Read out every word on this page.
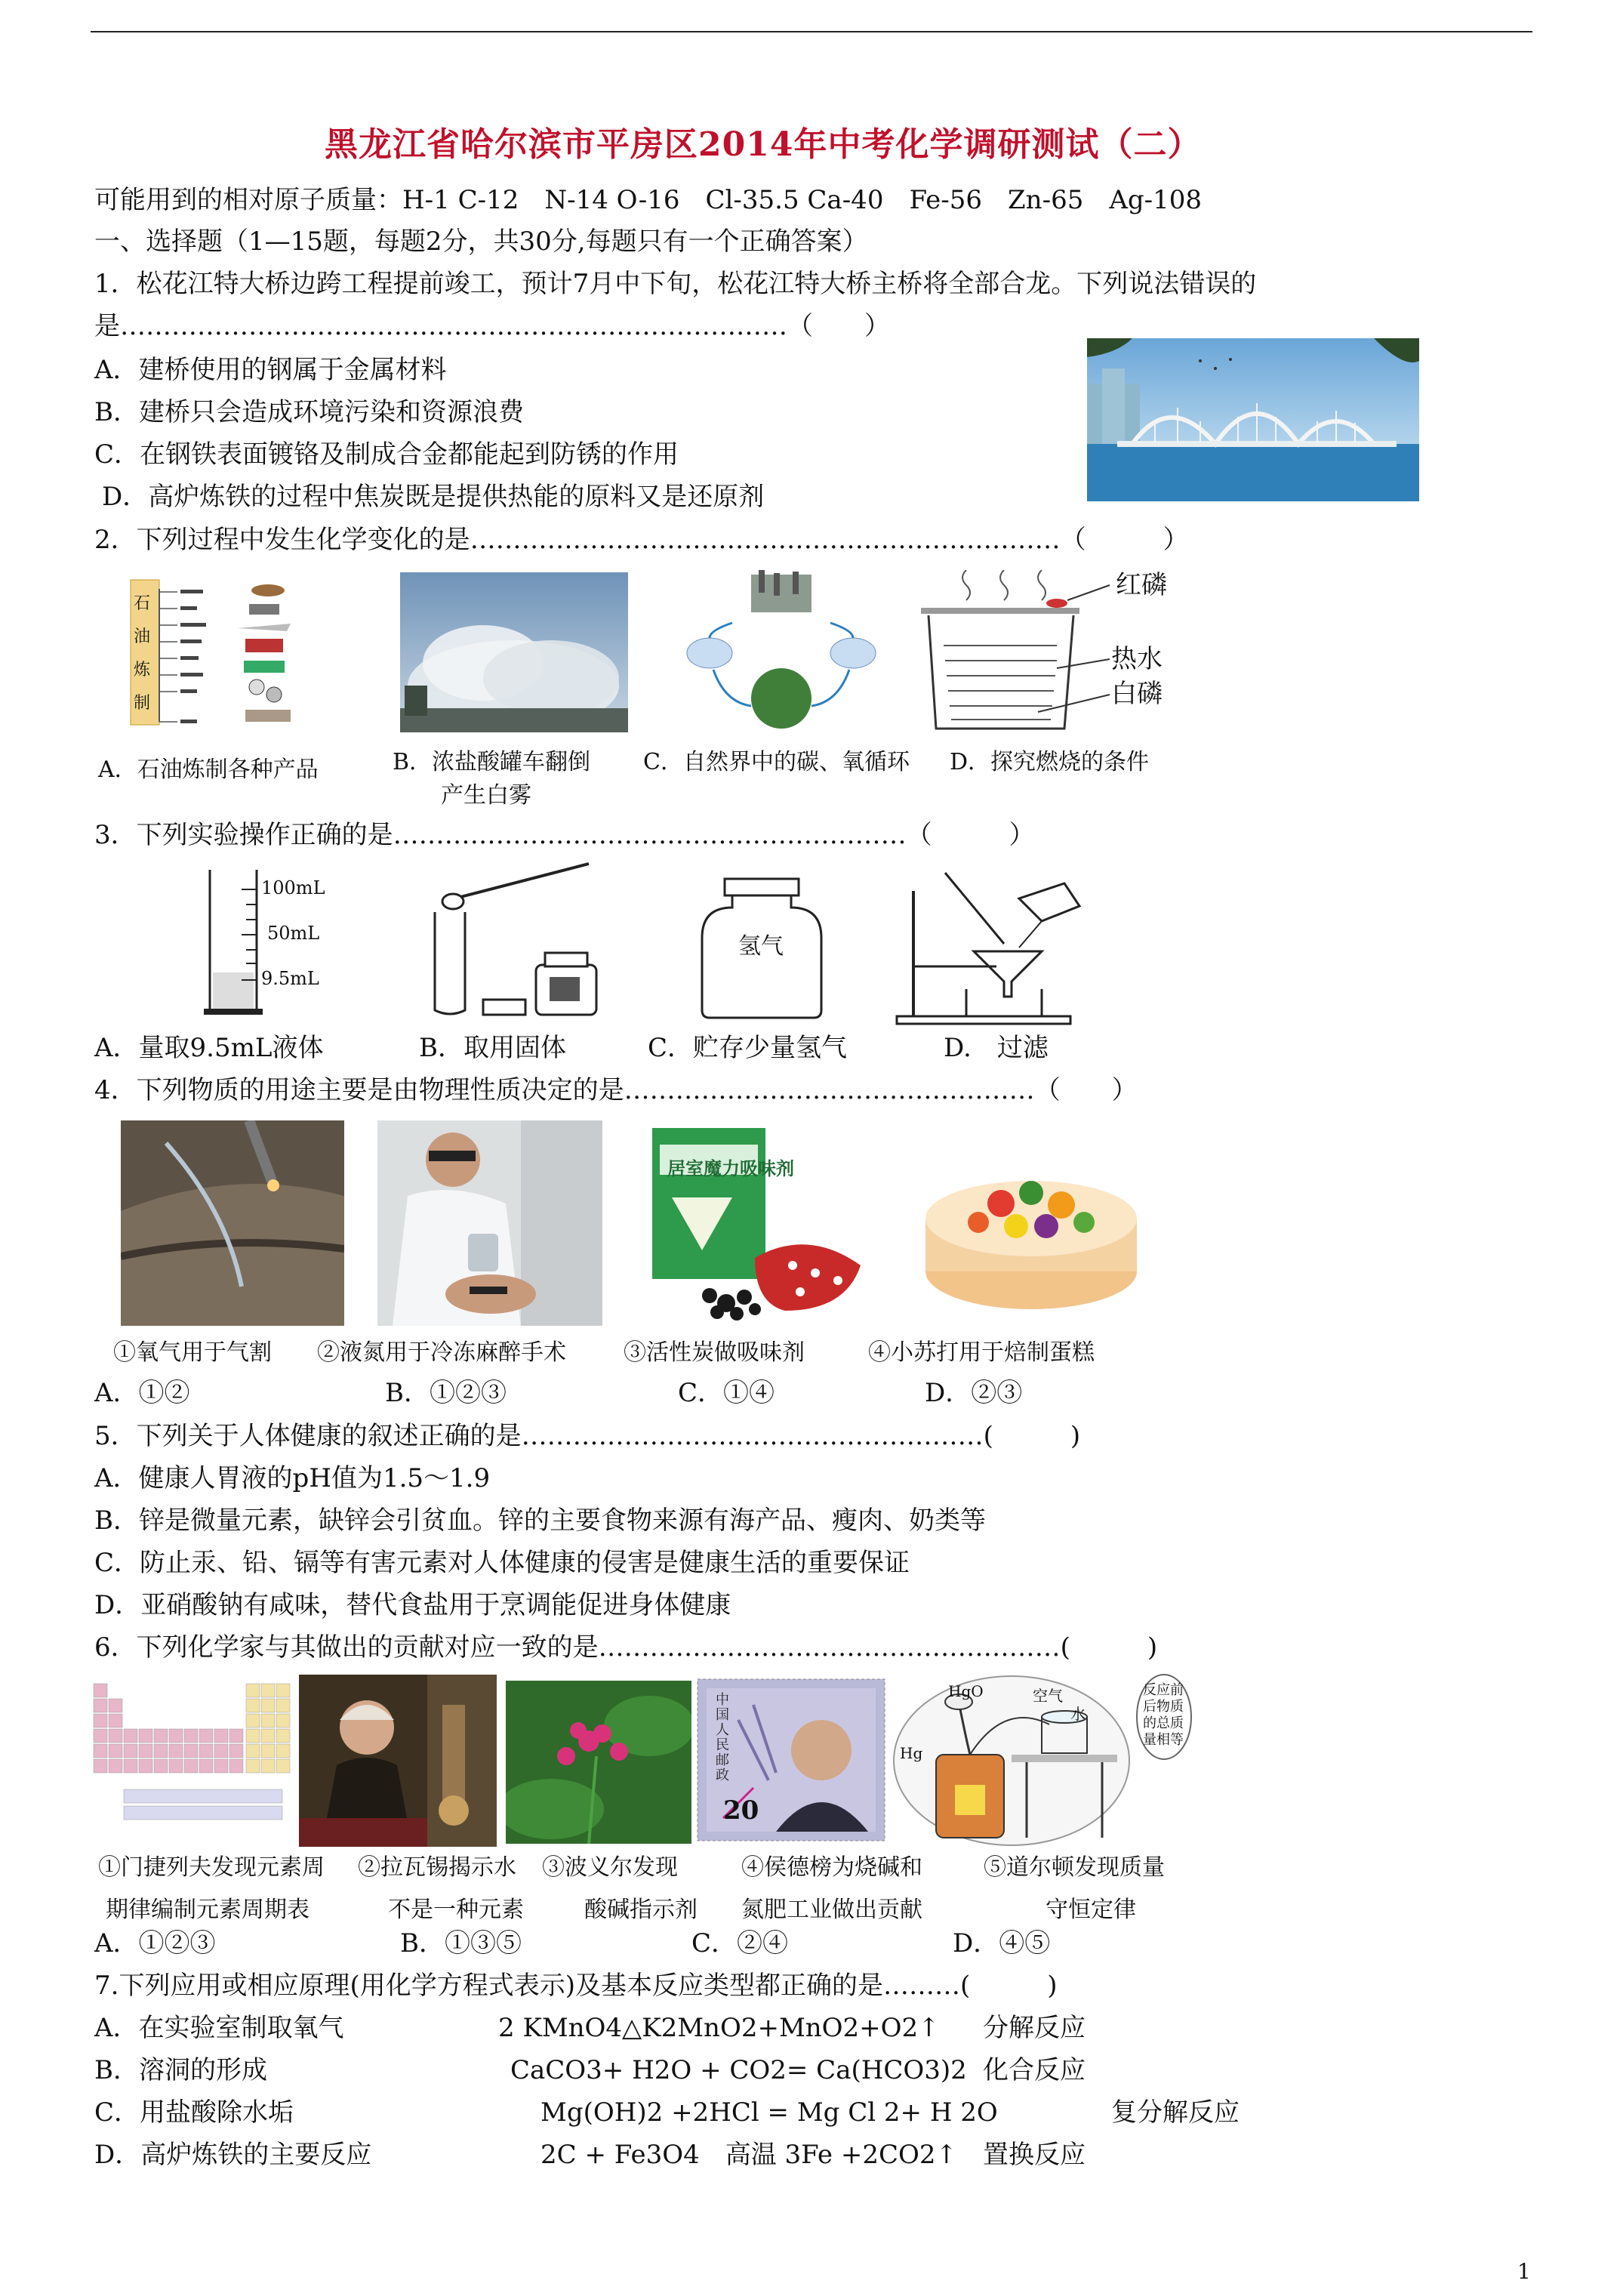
黑龙江省哈尔滨市平房区2014年中考化学调研测试（二）
可能用到的相对原子质量：H-1 C-12　N-14 O-16　Cl-35.5 Ca-40　Fe-56　Zn-65　Ag-108
一、选择题（1—15题，每题2分，共30分,每题只有一个正确答案）
1．松花江特大桥边跨工程提前竣工，预计7月中下旬，松花江特大桥主桥将全部合龙。下列说法错误的
是……………………………………………………………………（　　）
A．建桥使用的钢属于金属材料
B．建桥只会造成环境污染和资源浪费
C．在钢铁表面镀铬及制成合金都能起到防锈的作用
D．高炉炼铁的过程中焦炭既是提供热能的原料又是还原剂
2．下列过程中发生化学变化的是……………………………………………………………（　　　）
石
油
炼
制
红磷
热水
白磷
A．石油炼制各种产品	B．浓盐酸罐车翻倒
产生白雾
C．自然界中的碳、氧循环 D．探究燃烧的条件
3．下列实验操作正确的是……………………………………………………（　　　）
100mL
50mL
9.5mL
氢气
A．量取9.5mL液体	B．取用固体	C．贮存少量氢气	D.　过滤
4．下列物质的用途主要是由物理性质决定的是…………………………………………（　　）
居室魔力吸味剂
①氧气用于气割 ②液氮用于冷冻麻醉手术	③活性炭做吸味剂	④小苏打用于焙制蛋糕
A．①②	B．①②③	C．①④	D．②③
5．下列关于人体健康的叙述正确的是………………………………………………(　　　)
A．健康人胃液的pH值为1.5～1.9
B．锌是微量元素，缺锌会引贫血。锌的主要食物来源有海产品、瘦肉、奶类等
C．防止汞、铅、镉等有害元素对人体健康的侵害是健康生活的重要保证
D．亚硝酸钠有咸味，替代食盐用于烹调能促进身体健康
6．下列化学家与其做出的贡献对应一致的是………………………………………………(　　　)
中国人民邮政
20
HgO	空气
水
Hg
反应前后物质的总质量相等
①门捷列夫发现元素周
期律编制元素周期表
②拉瓦锡揭示水
不是一种元素
③波义尔发现
酸碱指示剂
④侯德榜为烧碱和
氮肥工业做出贡献
⑤道尔顿发现质量
守恒定律
A．①②③	B．①③⑤	C．②④	D．④⑤
7.下列应用或相应原理(用化学方程式表示)及基本反应类型都正确的是………(　　　)
A．在实验室制取氧气	2 KMnO4△K2MnO2+MnO2+O2↑ 分解反应
B．溶洞的形成	CaCO3+ H2O + CO2= Ca(HCO3)2 化合反应
C．用盐酸除水垢	Mg(OH)2 +2HCl = Mg Cl 2+ H 2O	复分解反应
D．高炉炼铁的主要反应	2C + Fe3O4　高温 3Fe +2CO2↑ 置换反应
1
